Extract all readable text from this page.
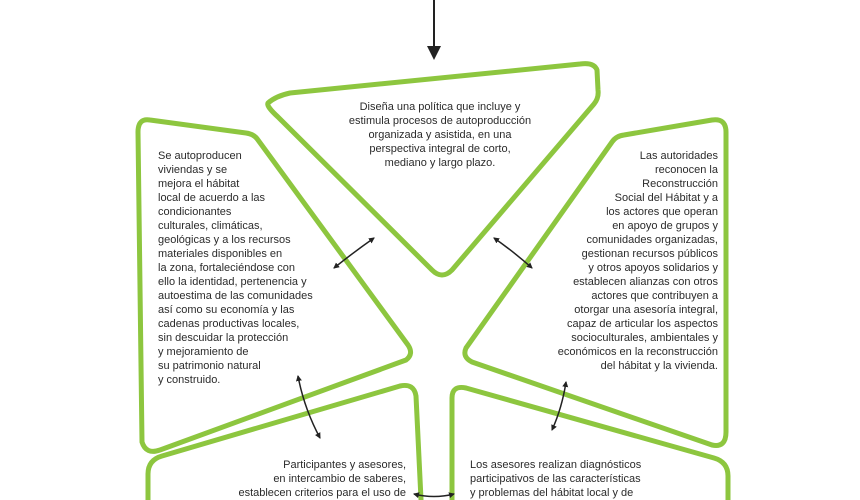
Diseña una política que incluye y
estimula procesos de autoproducción
organizada y asistida, en una
perspectiva integral de corto,
mediano y largo plazo.

Se autoproducen
viviendas y se
mejora el hábitat
local de acuerdo a las
condicionantes
culturales, climáticas,
geológicas y a los recursos
materiales disponibles en
la zona, fortaleciéndose con
ello la identidad, pertenencia y
autoestima de las comunidades
así como su economía y las
cadenas productivas locales,
sin descuidar la protección
y mejoramiento de
su patrimonio natural
y construido.

Las autoridades
reconocen la
Reconstrucción
Social del Hábitat y a
los actores que operan
en apoyo de grupos y
comunidades organizadas,
gestionan recursos públicos
y otros apoyos solidarios y
establecen alianzas con otros
actores que contribuyen a
otorgar una asesoría integral,
capaz de articular los aspectos
socioculturales, ambientales y
económicos en la reconstrucción
del hábitat y la vivienda.

Participantes y asesores,
en intercambio de saberes,
establecen criterios para el uso de

Los asesores realizan diagnósticos
participativos de las características
y problemas del hábitat local y de
